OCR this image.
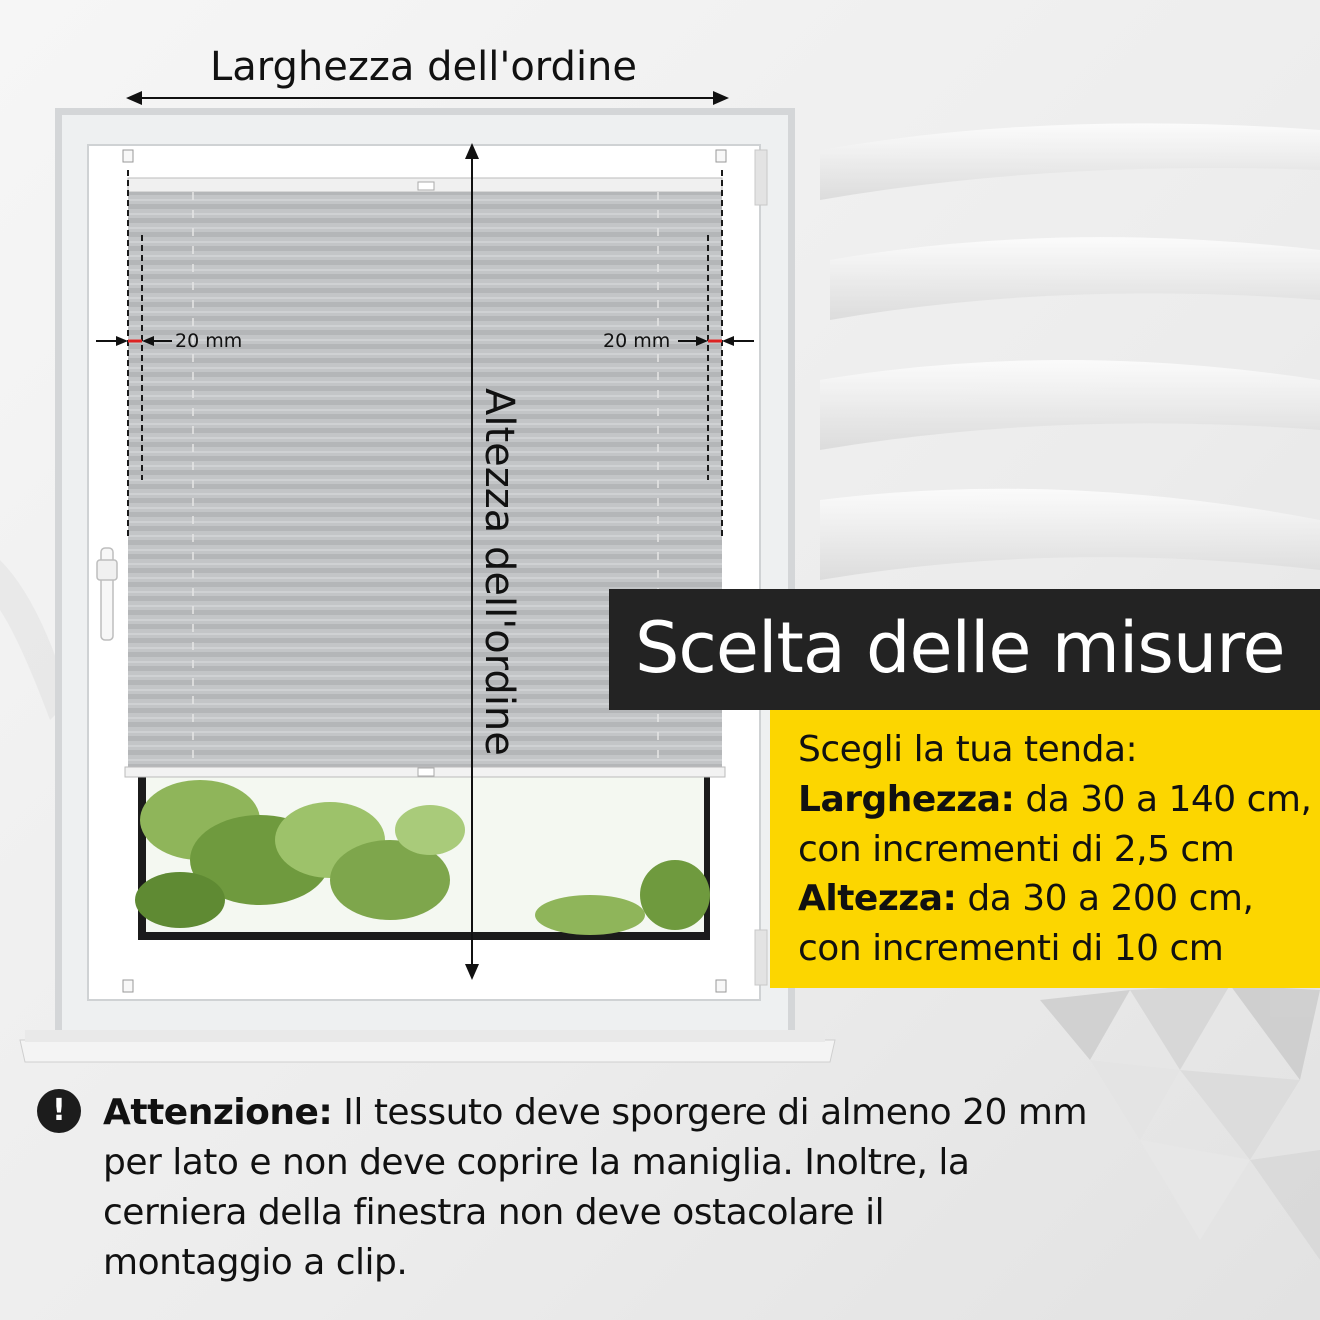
Larghezza dell'ordine
Altezza dell'ordine
20 mm	20 mm
Scelta delle misure
Scegli la tua tenda:
Larghezza: da 30 a 140 cm,
con incrementi di 2,5 cm
Altezza: da 30 a 200 cm,
con incrementi di 10 cm
!	Attenzione: Il tessuto deve sporgere di almeno 20 mm
per lato e non deve coprire la maniglia. Inoltre, la
cerniera della finestra non deve ostacolare il
montaggio a clip.
